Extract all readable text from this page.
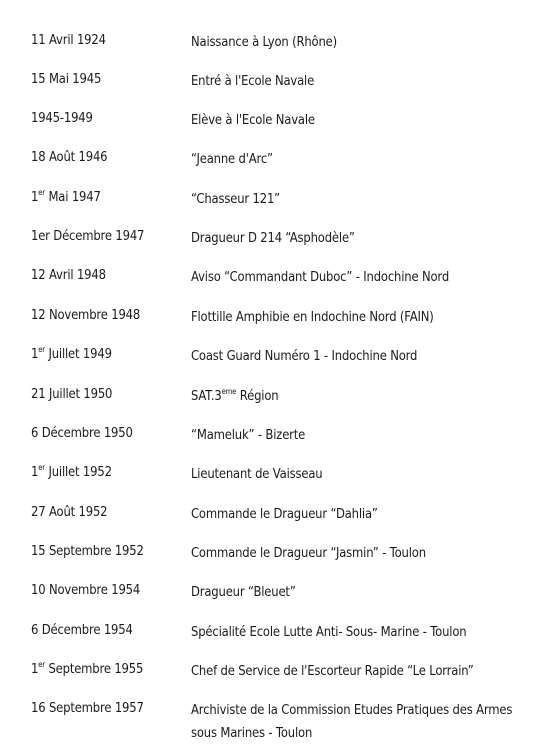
11 Avril 1924	Naissance à Lyon (Rhône)
15 Mai 1945	Entré à l'Ecole Navale
1945-1949	Elève à l'Ecole Navale
18 Août 1946	“Jeanne d'Arc”
1er Mai 1947	“Chasseur 121”
1er Décembre 1947	Dragueur D 214 “Asphodèle”
12 Avril 1948	Aviso “Commandant Duboc” - Indochine Nord
12 Novembre 1948	Flottille Amphibie en Indochine Nord (FAIN)
1er Juillet 1949	Coast Guard Numéro 1 - Indochine Nord
21 Juillet 1950	SAT.3eme Région
6 Décembre 1950	“Mameluk” - Bizerte
1er Juillet 1952	Lieutenant de Vaisseau
27 Août 1952	Commande le Dragueur “Dahlia”
15 Septembre 1952	Commande le Dragueur “Jasmin” - Toulon
10 Novembre 1954	Dragueur “Bleuet”
6 Décembre 1954	Spécialité Ecole Lutte Anti- Sous- Marine - Toulon
1er Septembre 1955	Chef de Service de l'Escorteur Rapide “Le Lorrain”
16 Septembre 1957	Archiviste de la Commission Etudes Pratiques des Armes
sous Marines - Toulon
